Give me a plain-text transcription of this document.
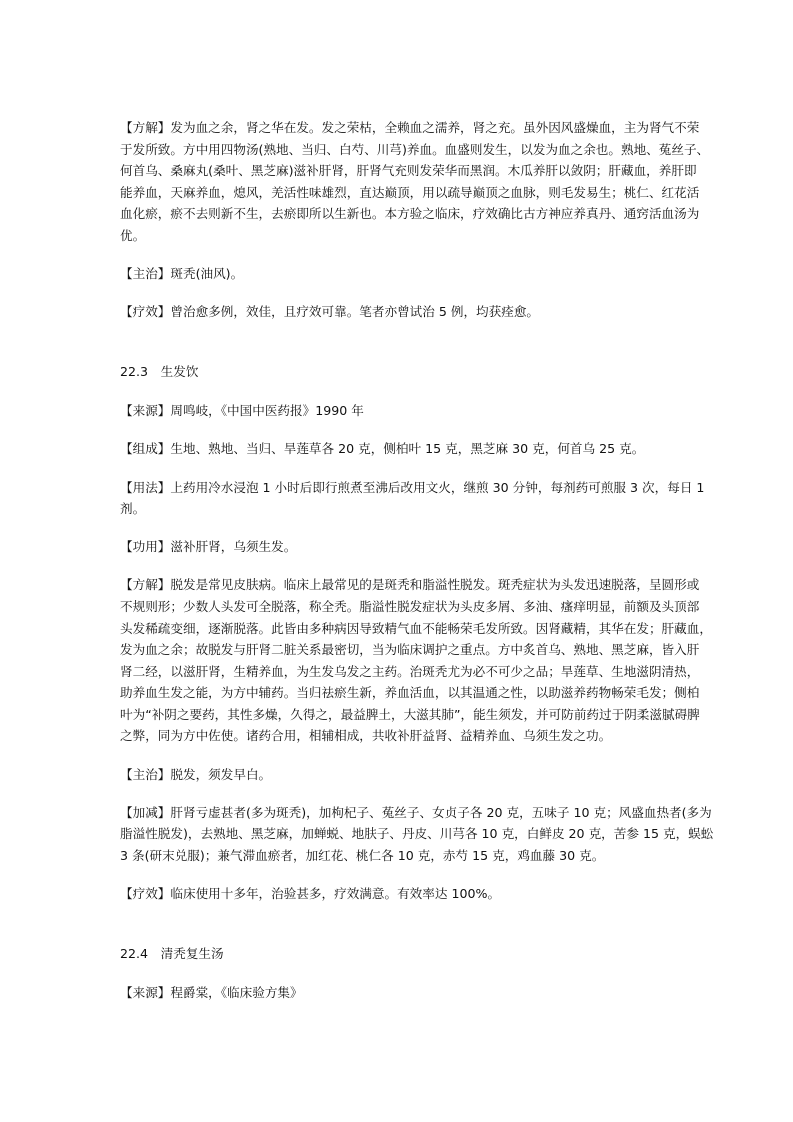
【方解】发为血之余，肾之华在发。发之荣枯，全赖血之濡养，肾之充。虽外因风盛燥血，主为肾气不荣
于发所致。方中用四物汤(熟地、当归、白芍、川芎)养血。血盛则发生，以发为血之余也。熟地、菟丝子、
何首乌、桑麻丸(桑叶、黑芝麻)滋补肝肾，肝肾气充则发荣华而黑润。木瓜养肝以敛阴；肝藏血，养肝即
能养血，天麻养血，熄风，羌活性味雄烈，直达巅顶，用以疏导巅顶之血脉，则毛发易生；桃仁、红花活
血化瘀，瘀不去则新不生，去瘀即所以生新也。本方验之临床，疗效确比古方神应养真丹、通窍活血汤为
优。
【主治】斑秃(油风)。
【疗效】曾治愈多例，效佳，且疗效可靠。笔者亦曾试治 5 例，均获痊愈。
22.3　生发饮
【来源】周鸣岐，《中国中医药报》1990 年
【组成】生地、熟地、当归、旱莲草各 20 克，侧柏叶 15 克，黑芝麻 30 克，何首乌 25 克。
【用法】上药用冷水浸泡 1 小时后即行煎煮至沸后改用文火，继煎 30 分钟，每剂药可煎服 3 次，每日 1
剂。
【功用】滋补肝肾，乌须生发。
【方解】脱发是常见皮肤病。临床上最常见的是斑秃和脂溢性脱发。斑秃症状为头发迅速脱落，呈圆形或
不规则形；少数人头发可全脱落，称全秃。脂溢性脱发症状为头皮多屑、多油、瘙痒明显，前额及头顶部
头发稀疏变细，逐渐脱落。此皆由多种病因导致精气血不能畅荣毛发所致。因肾藏精，其华在发；肝藏血，
发为血之余；故脱发与肝肾二脏关系最密切，当为临床调护之重点。方中炙首乌、熟地、黑芝麻，皆入肝
肾二经，以滋肝肾，生精养血，为生发乌发之主药。治斑秃尤为必不可少之品；旱莲草、生地滋阴清热，
助养血生发之能，为方中辅药。当归祛瘀生新，养血活血，以其温通之性，以助滋养药物畅荣毛发；侧柏
叶为“补阴之要药，其性多燥，久得之，最益脾土，大滋其肺”，能生须发，并可防前药过于阴柔滋腻碍脾
之弊，同为方中佐使。诸药合用，相辅相成，共收补肝益肾、益精养血、乌须生发之功。
【主治】脱发，须发早白。
【加减】肝肾亏虚甚者(多为斑秃)，加枸杞子、菟丝子、女贞子各 20 克，五味子 10 克；风盛血热者(多为
脂溢性脱发)，去熟地、黑芝麻，加蝉蜕、地肤子、丹皮、川芎各 10 克，白鲜皮 20 克，苦参 15 克，蜈蚣
3 条(研末兑服)；兼气滞血瘀者，加红花、桃仁各 10 克，赤芍 15 克，鸡血藤 30 克。
【疗效】临床使用十多年，治验甚多，疗效满意。有效率达 100%。
22.4　清秃复生汤
【来源】程爵棠，《临床验方集》
